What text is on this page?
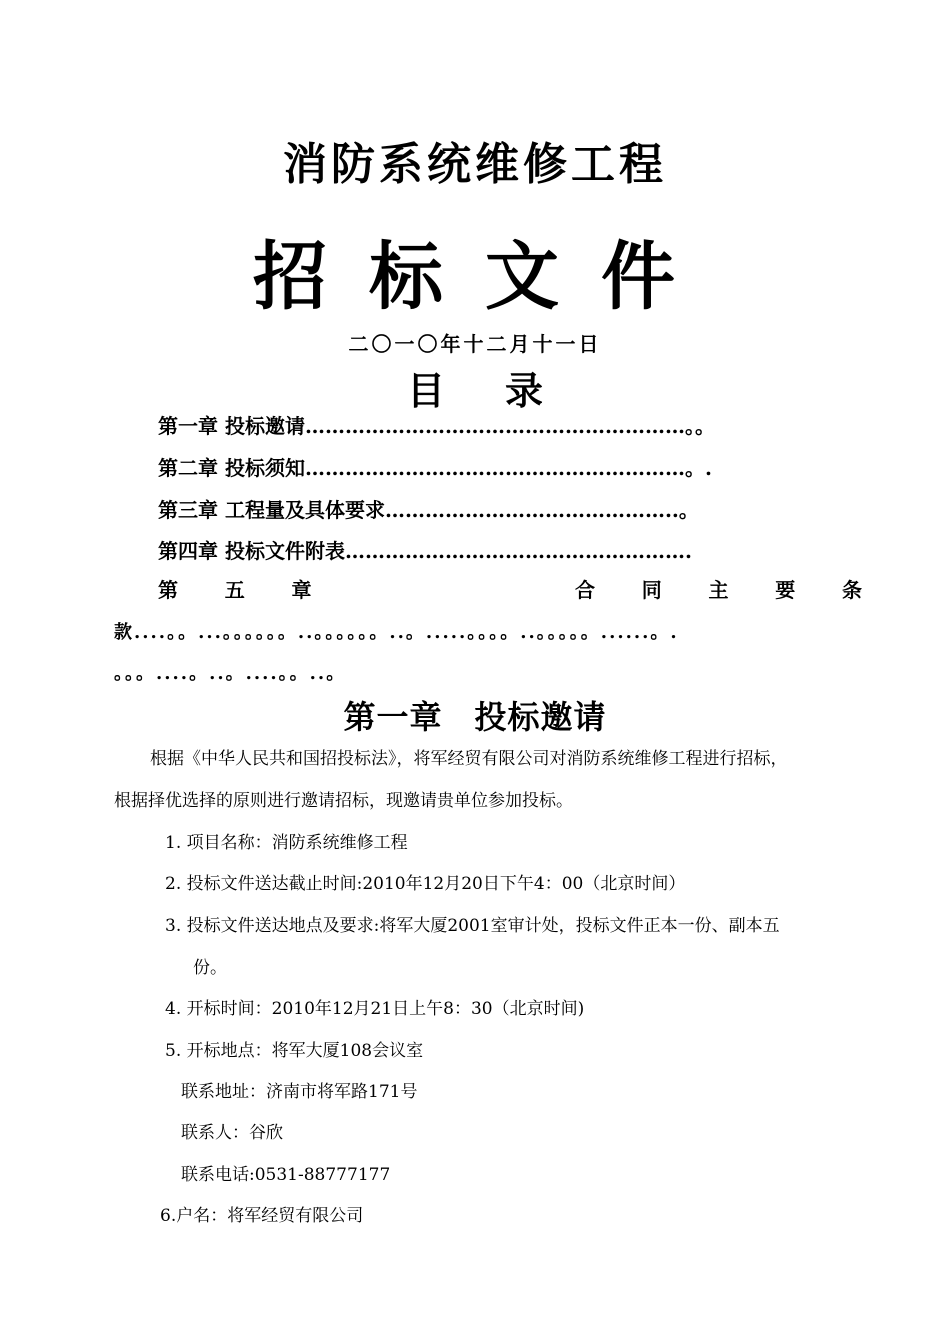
消防系统维修工程
招标文件
二〇一〇年十二月十一日
目录
第一章 投标邀请…………………………………………………。。
第二章 投标须知…………………………………………………。.
第三章 工程量及具体要求……………………………………..。
第四章 投标文件附表…………………………………………….
第 五 章	合 同 主 要 条
款....。。...。。。。。。..。。。。。。..。.....。。。。..。。。。。......。.
。。。....。..。....。。..。
第一章 投标邀请
根据《中华人民共和国招投标法》，将军经贸有限公司对消防系统维修工程进行招标，
根据择优选择的原则进行邀请招标，现邀请贵单位参加投标。
1. 项目名称：消防系统维修工程
2. 投标文件送达截止时间:2010年12月20日下午4：00（北京时间）
3. 投标文件送达地点及要求:将军大厦2001室审计处，投标文件正本一份、副本五
份。
4. 开标时间：2010年12月21日上午8：30（北京时间)
5. 开标地点：将军大厦108会议室
联系地址：济南市将军路171号
联系人：谷欣
联系电话:0531-88777177
6.户名：将军经贸有限公司
